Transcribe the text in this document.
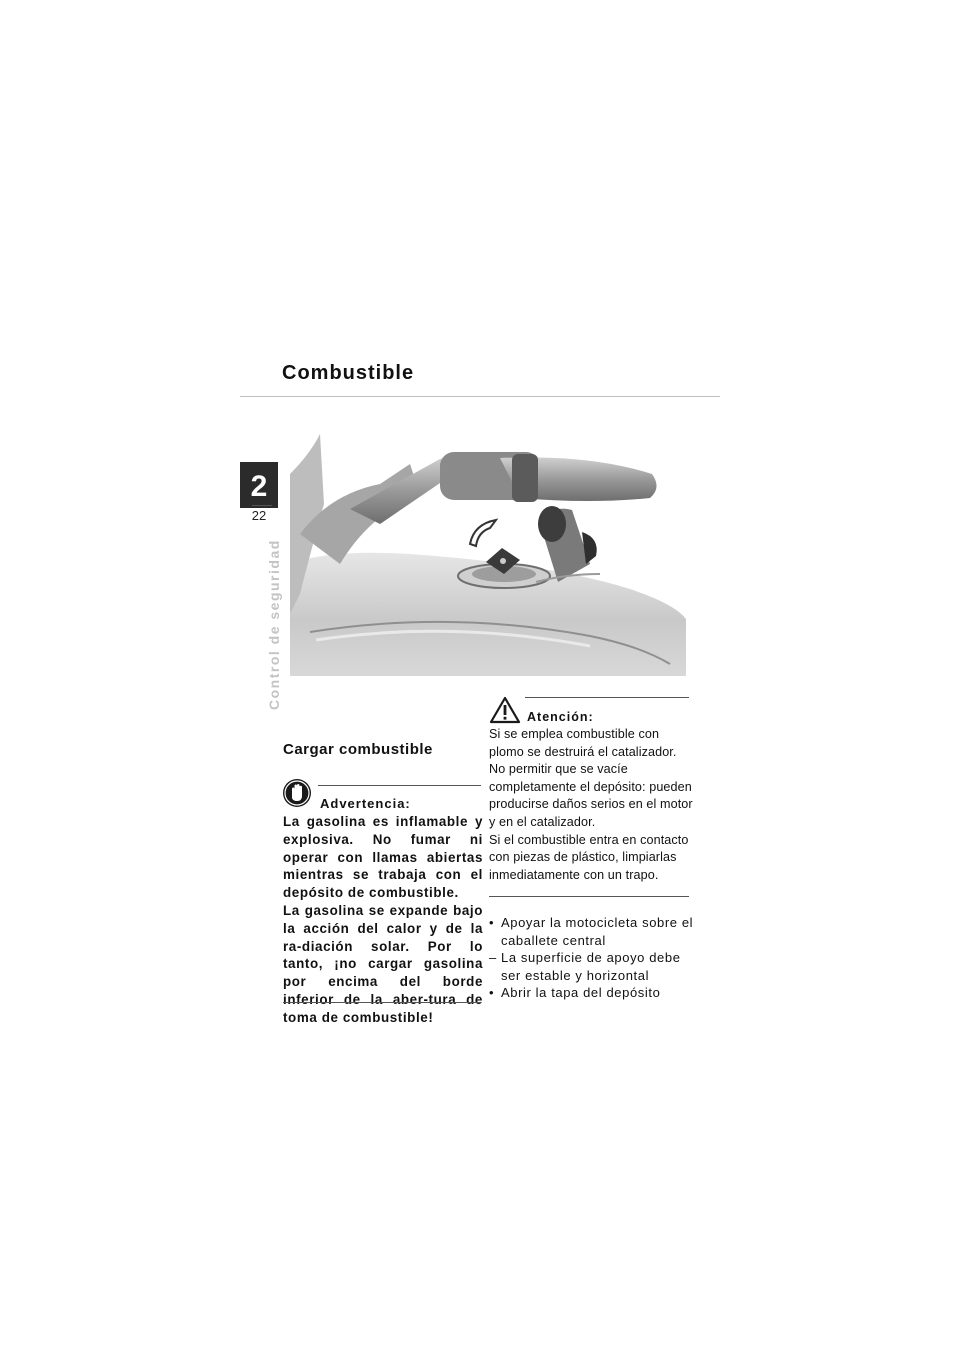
Combustible
2
22
Control de seguridad
Cargar combustible
Advertencia:

La gasolina es inflamable y explosiva. No fumar ni operar con llamas abiertas mientras se trabaja con el depósito de combustible.

La gasolina se expande bajo la acción del calor y de la ra-diación solar. Por lo tanto, ¡no cargar gasolina por encima del borde inferior de la aber-tura de toma de combustible!

Atención:

Si se emplea combustible con plomo se destruirá el catalizador.

No permitir que se vacíe completamente el depósito: pueden producirse daños serios en el motor y en el catalizador.

Si el combustible entra en contacto con piezas de plástico, limpiarlas inmediatamente con un trapo.

• Apoyar la motocicleta sobre el caballete central
– La superficie de apoyo debe ser estable y horizontal
• Abrir la tapa del depósito
